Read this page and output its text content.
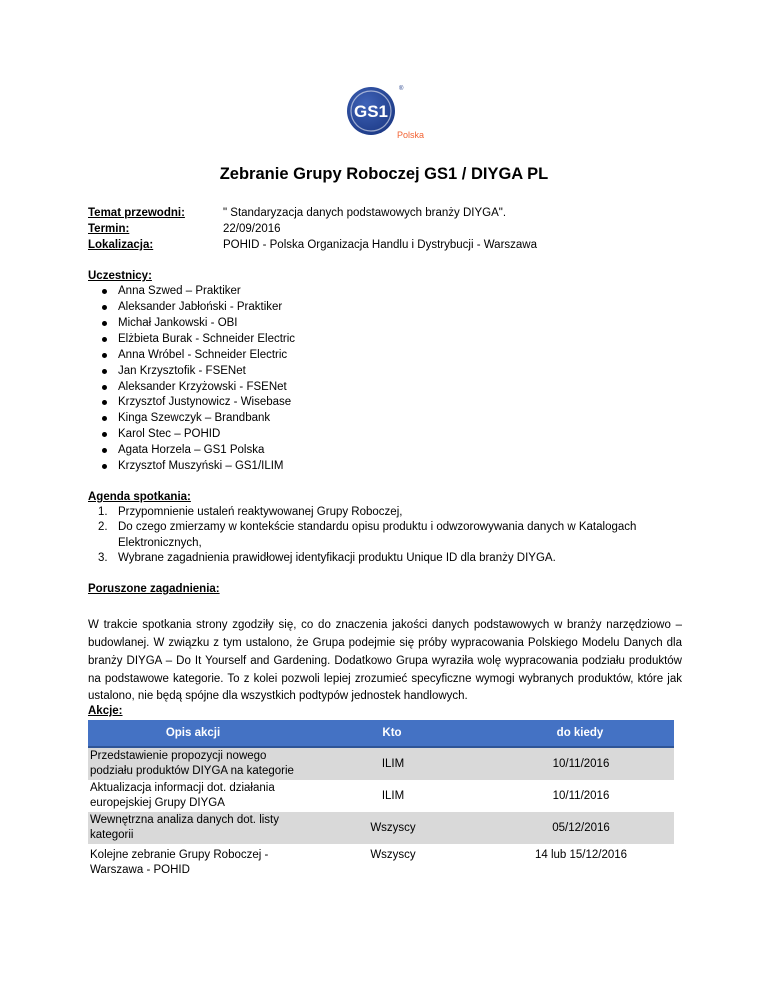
GS1
®
Polska
Zebranie Grupy Roboczej GS1 / DIYGA PL
Temat przewodni:	" Standaryzacja danych podstawowych branży DIYGA".
Termin:	22/09/2016
Lokalizacja:	POHID - Polska Organizacja Handlu i Dystrybucji - Warszawa
Uczestnicy:
Anna Szwed – Praktiker
Aleksander Jabłoński - Praktiker
Michał Jankowski - OBI
Elżbieta Burak - Schneider Electric
Anna Wróbel - Schneider Electric
Jan Krzysztofik - FSENet
Aleksander Krzyżowski - FSENet
Krzysztof Justynowicz - Wisebase
Kinga Szewczyk – Brandbank
Karol Stec – POHID
Agata Horzela – GS1 Polska
Krzysztof Muszyński – GS1/ILIM
Agenda spotkania:
1. Przypomnienie ustaleń reaktywowanej Grupy Roboczej,
2. Do czego zmierzamy w kontekście standardu opisu produktu i odwzorowywania danych w Katalogach Elektronicznych,
3. Wybrane zagadnienia prawidłowej identyfikacji produktu Unique ID dla branży DIYGA.
Poruszone zagadnienia:

W trakcie spotkania strony zgodziły się, co do znaczenia jakości danych podstawowych w branży narzędziowo – budowlanej. W związku z tym ustalono, że Grupa podejmie się próby wypracowania Polskiego Modelu Danych dla branży DIYGA – Do It Yourself and Gardening. Dodatkowo Grupa wyraziła wolę wypracowania podziału produktów na podstawowe kategorie. To z kolei pozwoli lepiej zrozumieć specyficzne wymogi wybranych produktów, które jak ustalono, nie będą spójne dla wszystkich podtypów jednostek handlowych.

Akcje:
Opis akcji	Kto	do kiedy
Przedstawienie propozycji nowego podziału produktów DIYGA na kategorie	ILIM	10/11/2016
Aktualizacja informacji dot. działania europejskiej Grupy DIYGA	ILIM	10/11/2016
Wewnętrzna analiza danych dot. listy kategorii	Wszyscy	05/12/2016
Kolejne zebranie Grupy Roboczej - Warszawa - POHID	Wszyscy	14 lub 15/12/2016
